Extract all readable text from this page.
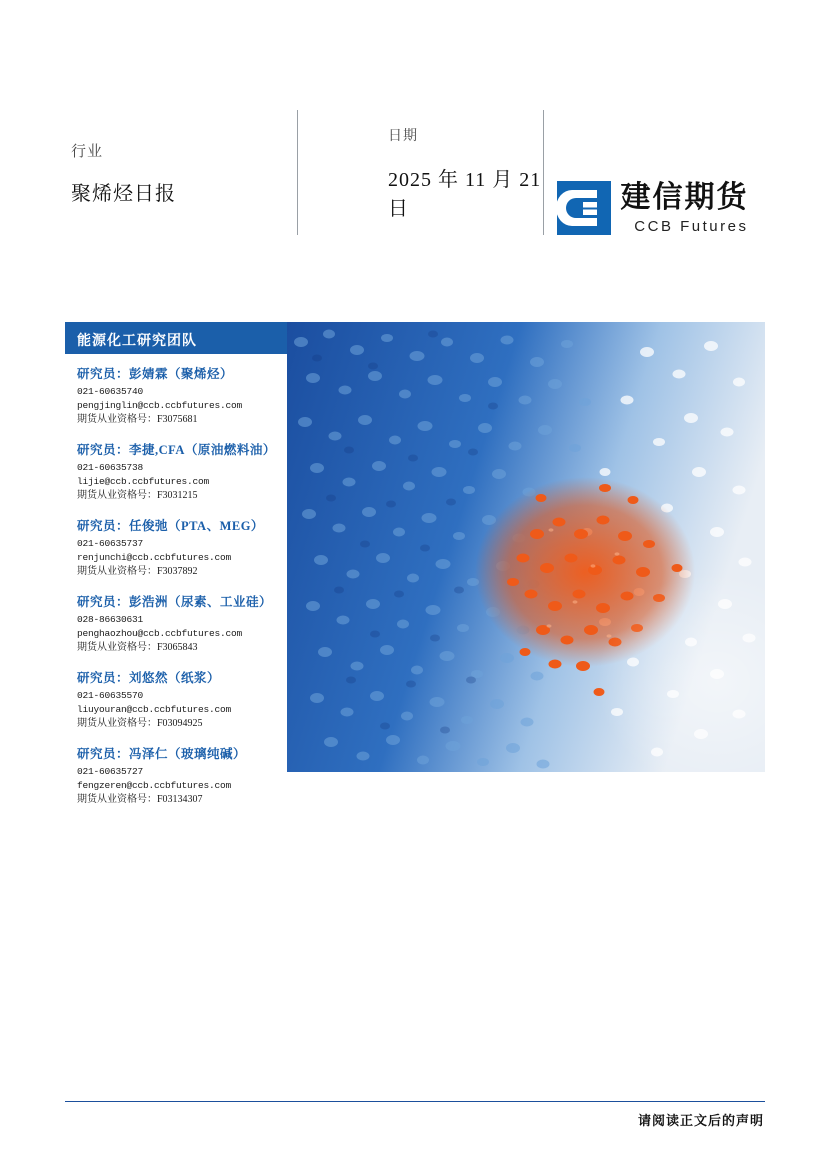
行业
聚烯烃日报
日期
2025 年 11 月 21 日	建信期货
CCB Futures
能源化工研究团队
研究员：彭婧霖（聚烯烃）
021-60635740
pengjinglin@ccb.ccbfutures.com
期货从业资格号：F3075681
研究员：李捷,CFA（原油燃料油）
021-60635738
lijie@ccb.ccbfutures.com
期货从业资格号：F3031215
研究员：任俊弛（PTA、MEG）
021-60635737
renjunchi@ccb.ccbfutures.com
期货从业资格号：F3037892
研究员：彭浩洲（尿素、工业硅）
028-86630631
penghaozhou@ccb.ccbfutures.com
期货从业资格号：F3065843
研究员：刘悠然（纸浆）
021-60635570
liuyouran@ccb.ccbfutures.com
期货从业资格号：F03094925
研究员：冯泽仁（玻璃纯碱）
021-60635727
fengzeren@ccb.ccbfutures.com
期货从业资格号：F03134307
请阅读正文后的声明
